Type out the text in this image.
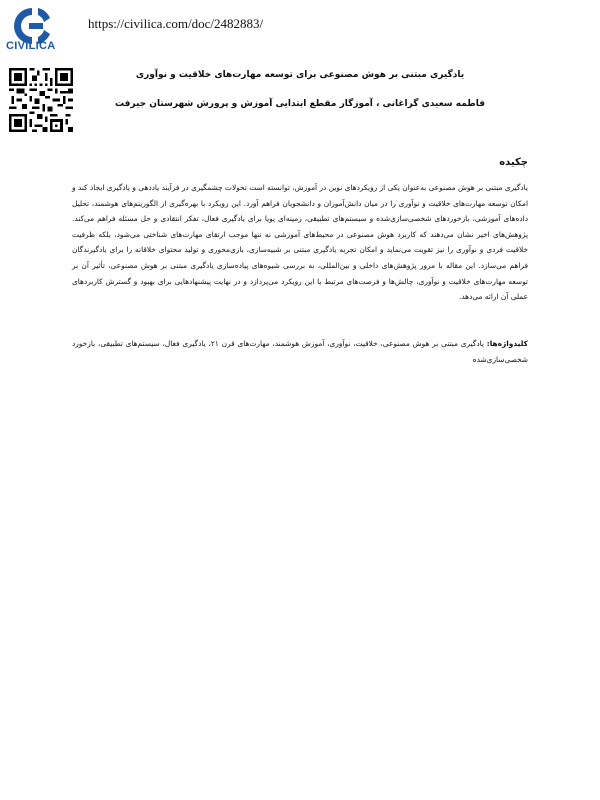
CIVILICA
https://civilica.com/doc/2482883/
یادگیری مبتنی بر هوش مصنوعی برای توسعه مهارت‌های خلاقیت و نوآوری
فاطمه سعیدی گراغانی ، آموزگار مقطع ابتدایی آموزش و پرورش شهرستان جیرفت
چکیده
یادگیری مبتنی بر هوش مصنوعی به‌عنوان یکی از رویکردهای نوین در آموزش، توانسته است تحولات چشمگیری در فرآیند یاددهی و یادگیری ایجاد کند و امکان توسعه مهارت‌های خلاقیت و نوآوری را در میان دانش‌آموزان و دانشجویان فراهم آورد. این رویکرد با بهره‌گیری از الگوریتم‌های هوشمند، تحلیل داده‌های آموزشی، بازخوردهای شخصی‌سازی‌شده و سیستم‌های تطبیقی، زمینه‌ای پویا برای یادگیری فعال، تفکر انتقادی و حل مسئله فراهم می‌کند. پژوهش‌های اخیر نشان می‌دهند که کاربرد هوش مصنوعی در محیط‌های آموزشی نه تنها موجب ارتقای مهارت‌های شناختی می‌شود، بلکه ظرفیت خلاقیت فردی و نوآوری را نیز تقویت می‌نماید و امکان تجربه یادگیری مبتنی بر شبیه‌سازی، بازی‌محوری و تولید محتوای خلاقانه را برای یادگیرندگان فراهم می‌سازد. این مقاله با مرور پژوهش‌های داخلی و بین‌المللی، به بررسی شیوه‌های پیاده‌سازی یادگیری مبتنی بر هوش مصنوعی، تأثیر آن بر توسعه مهارت‌های خلاقیت و نوآوری، چالش‌ها و فرصت‌های مرتبط با این رویکرد می‌پردازد و در نهایت پیشنهادهایی برای بهبود و گسترش کاربردهای عملی آن ارائه می‌دهد.
کلیدواژه‌ها: یادگیری مبتنی بر هوش مصنوعی، خلاقیت، نوآوری، آموزش هوشمند، مهارت‌های قرن ۲۱، یادگیری فعال، سیستم‌های تطبیقی، بازخورد شخصی‌سازی‌شده
